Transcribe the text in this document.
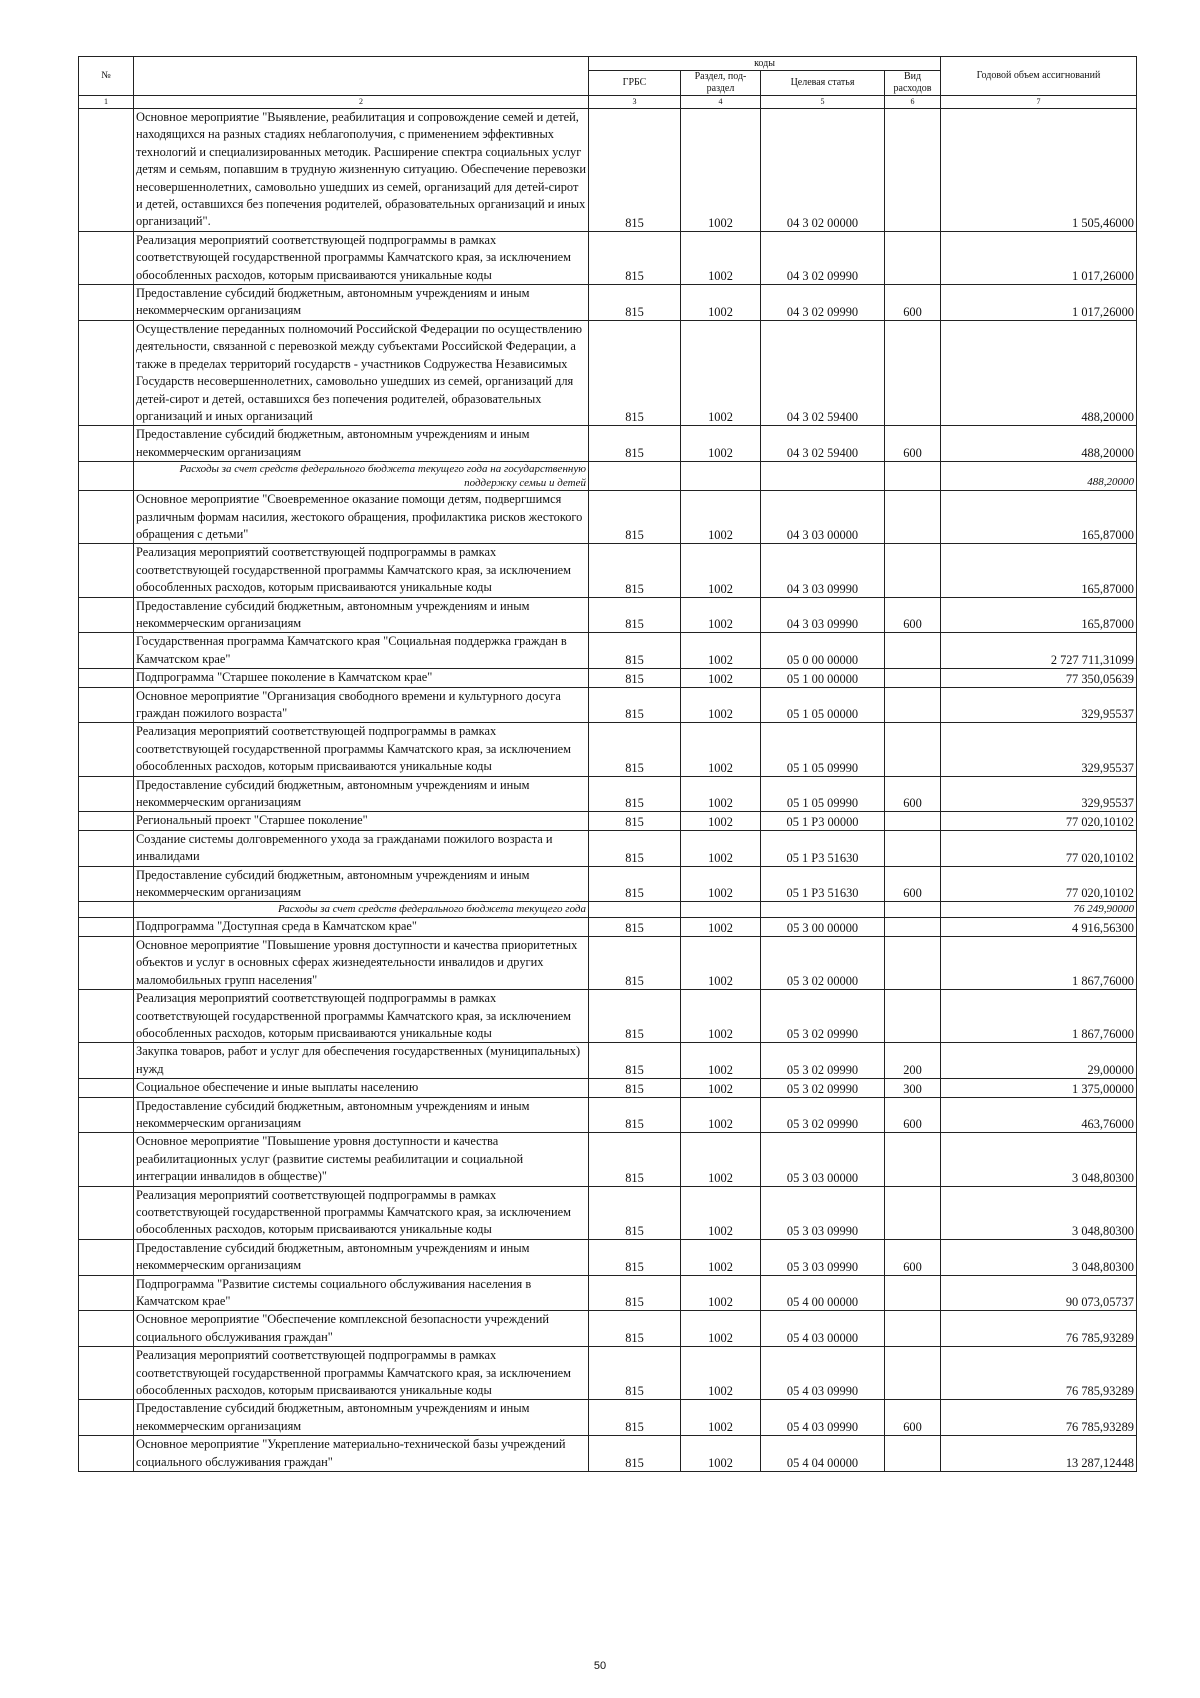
№		коды				Годовой объем ассигнований
		ГРБС	Раздел, под-раздел	Целевая статья	Вид расходов	
1	2	3	4	5	6	7
	Основное мероприятие "Выявление, реабилитация и сопровождение семей и детей, находящихся на разных стадиях неблагополучия, с применением эффективных технологий и специализированных методик. Расширение спектра социальных услуг детям и семьям, попавшим в трудную жизненную ситуацию. Обеспечение перевозки несовершеннолетних, самовольно ушедших из семей, организаций для детей-сирот и детей, оставшихся без попечения родителей, образовательных организаций и иных организаций".	815	1002	04 3 02 00000		1 505,46000
	Реализация мероприятий соответствующей подпрограммы в рамках соответствующей государственной программы Камчатского края, за исключением обособленных расходов, которым присваиваются уникальные коды	815	1002	04 3 02 09990		1 017,26000
	Предоставление субсидий бюджетным, автономным учреждениям и иным некоммерческим организациям	815	1002	04 3 02 09990	600	1 017,26000
	Осуществление переданных полномочий Российской Федерации по осуществлению деятельности, связанной с перевозкой между субъектами Российской Федерации, а также в пределах территорий государств - участников Содружества Независимых Государств несовершеннолетних, самовольно ушедших из семей, организаций для детей-сирот и детей, оставшихся без попечения родителей, образовательных организаций и иных организаций	815	1002	04 3 02 59400		488,20000
	Предоставление субсидий бюджетным, автономным учреждениям и иным некоммерческим организациям	815	1002	04 3 02 59400	600	488,20000
	Расходы за счет средств федерального бюджета текущего года на государственную поддержку семьи и детей					488,20000
	Основное мероприятие "Своевременное оказание помощи детям, подвергшимся различным формам насилия, жестокого обращения, профилактика рисков жестокого обращения с детьми"	815	1002	04 3 03 00000		165,87000
	Реализация мероприятий соответствующей подпрограммы в рамках соответствующей государственной программы Камчатского края, за исключением обособленных расходов, которым присваиваются уникальные коды	815	1002	04 3 03 09990		165,87000
	Предоставление субсидий бюджетным, автономным учреждениям и иным некоммерческим организациям	815	1002	04 3 03 09990	600	165,87000
	Государственная программа Камчатского края "Социальная поддержка граждан в Камчатском крае"	815	1002	05 0 00 00000		2 727 711,31099
	Подпрограмма "Старшее поколение в Камчатском крае"	815	1002	05 1 00 00000		77 350,05639
	Основное мероприятие "Организация свободного времени и культурного досуга граждан пожилого возраста"	815	1002	05 1 05 00000		329,95537
	Реализация мероприятий соответствующей подпрограммы в рамках соответствующей государственной программы Камчатского края, за исключением обособленных расходов, которым присваиваются уникальные коды	815	1002	05 1 05 09990		329,95537
	Предоставление субсидий бюджетным, автономным учреждениям и иным некоммерческим организациям	815	1002	05 1 05 09990	600	329,95537
	Региональный проект "Старшее поколение"	815	1002	05 1 P3 00000		77 020,10102
	Создание системы долговременного ухода за гражданами пожилого возраста и инвалидами	815	1002	05 1 P3 51630		77 020,10102
	Предоставление субсидий бюджетным, автономным учреждениям и иным некоммерческим организациям	815	1002	05 1 P3 51630	600	77 020,10102
	Расходы за счет средств федерального бюджета текущего года					76 249,90000
	Подпрограмма "Доступная среда в Камчатском крае"	815	1002	05 3 00 00000		4 916,56300
	Основное мероприятие "Повышение уровня доступности и качества приоритетных объектов и услуг в основных сферах жизнедеятельности инвалидов и других маломобильных групп населения"	815	1002	05 3 02 00000		1 867,76000
	Реализация мероприятий соответствующей подпрограммы в рамках соответствующей государственной программы Камчатского края, за исключением обособленных расходов, которым присваиваются уникальные коды	815	1002	05 3 02 09990		1 867,76000
	Закупка товаров, работ и услуг для обеспечения государственных (муниципальных) нужд	815	1002	05 3 02 09990	200	29,00000
	Социальное обеспечение и иные выплаты населению	815	1002	05 3 02 09990	300	1 375,00000
	Предоставление субсидий бюджетным, автономным учреждениям и иным некоммерческим организациям	815	1002	05 3 02 09990	600	463,76000
	Основное мероприятие "Повышение уровня доступности и качества реабилитационных услуг (развитие системы реабилитации и социальной интеграции инвалидов в обществе)"	815	1002	05 3 03 00000		3 048,80300
	Реализация мероприятий соответствующей подпрограммы в рамках соответствующей государственной программы Камчатского края, за исключением обособленных расходов, которым присваиваются уникальные коды	815	1002	05 3 03 09990		3 048,80300
	Предоставление субсидий бюджетным, автономным учреждениям и иным некоммерческим организациям	815	1002	05 3 03 09990	600	3 048,80300
	Подпрограмма "Развитие системы социального обслуживания населения в Камчатском крае"	815	1002	05 4 00 00000		90 073,05737
	Основное мероприятие "Обеспечение комплексной безопасности учреждений социального обслуживания граждан"	815	1002	05 4 03 00000		76 785,93289
	Реализация мероприятий соответствующей подпрограммы в рамках соответствующей государственной программы Камчатского края, за исключением обособленных расходов, которым присваиваются уникальные коды	815	1002	05 4 03 09990		76 785,93289
	Предоставление субсидий бюджетным, автономным учреждениям и иным некоммерческим организациям	815	1002	05 4 03 09990	600	76 785,93289
	Основное мероприятие "Укрепление материально-технической базы учреждений социального обслуживания граждан"	815	1002	05 4 04 00000		13 287,12448
50
